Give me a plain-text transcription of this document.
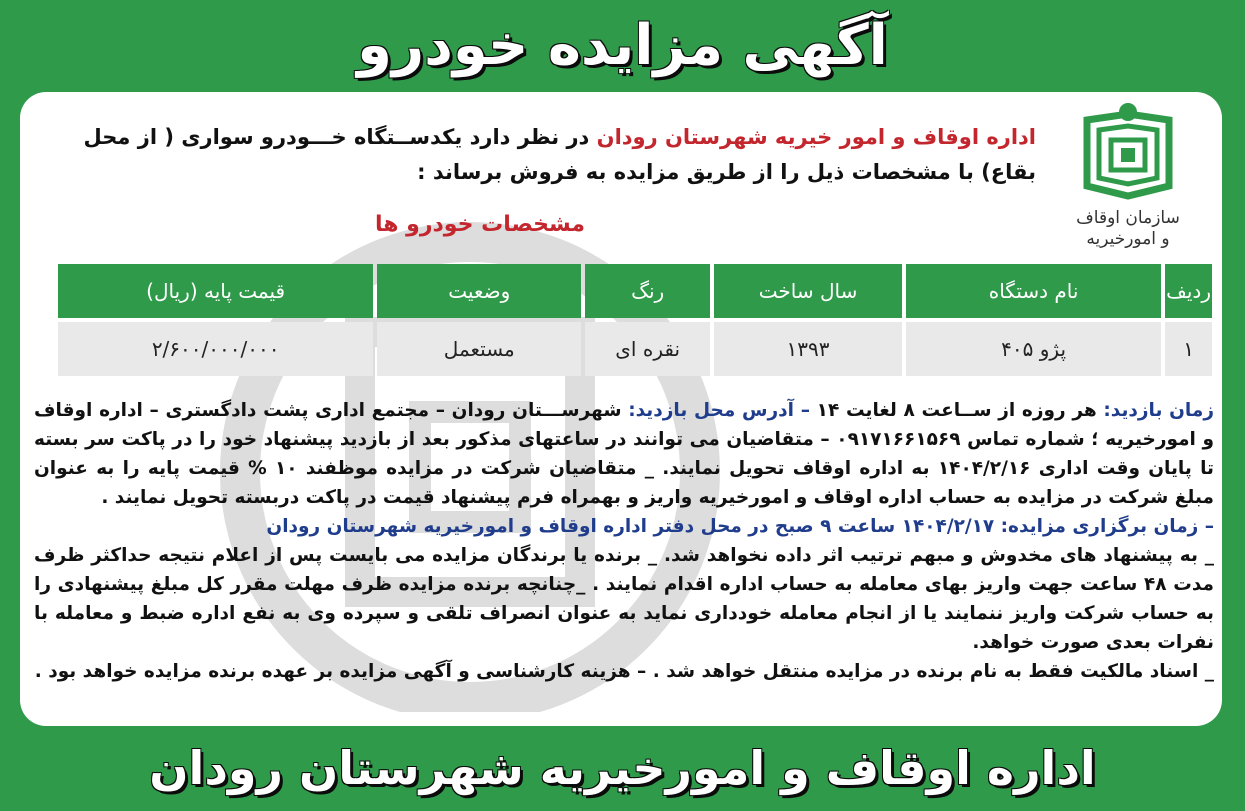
آگهی مزایده خودرو
سازمان اوقاف
و امورخیریه
اداره اوقاف و امور خیریه شهرستان رودان در نظر دارد یکدســتگاه خـــودرو سواری ( از محل بقاع) با مشخصات ذیل را از طریق مزایده به فروش برساند :
مشخصات خودرو ها
ردیف	نام دستگاه	سال ساخت	رنگ	وضعیت	قیمت پایه (ریال)
۱	پژو ۴۰۵	۱۳۹۳	نقره ای	مستعمل	۲/۶۰۰/۰۰۰/۰۰۰

زمان بازدید: هر روزه از ســاعت ۸ لغایت ۱۴ – آدرس محل بازدید: شهرســـتان رودان – مجتمع اداری پشت دادگستری – اداره اوقاف و امورخیریه ؛ شماره تماس ۰۹۱۷۱۶۶۱۵۶۹ – متقاضیان می توانند در ساعتهای مذکور بعد از بازدید پیشنهاد خود را در پاکت سر بسته تا پایان وقت اداری ۱۴۰۴/۲/۱۶ به اداره اوقاف تحویل نمایند. _ متقاضیان شرکت در مزایده موظفند ۱۰ % قیمت پایه را به عنوان مبلغ شرکت در مزایده به حساب اداره اوقاف و امورخیریه واریز و بهمراه فرم پیشنهاد قیمت در پاکت دربسته تحویل نمایند .

– زمان برگزاری مزایده: ۱۴۰۴/۲/۱۷ ساعت ۹ صبح در محل دفتر اداره اوقاف و امورخیریه شهرستان رودان

_ به پیشنهاد های مخدوش و مبهم ترتیب اثر داده نخواهد شد. _ برنده یا برندگان مزایده می بایست پس از اعلام نتیجه حداکثر ظرف مدت ۴۸ ساعت جهت واریز بهای معامله به حساب اداره اقدام نمایند . _چنانچه برنده مزایده ظرف مهلت مقرر کل مبلغ پیشنهادی را به حساب شرکت واریز ننمایند یا از انجام معامله خودداری نماید به عنوان انصراف تلقی و سپرده وی به نفع اداره ضبط و معامله با نفرات بعدی صورت خواهد.

_ اسناد مالکیت فقط به نام برنده در مزایده منتقل خواهد شد . – هزینه کارشناسی و آگهی مزایده بر عهده برنده مزایده خواهد بود .

اداره اوقاف و امورخیریه شهرستان رودان
